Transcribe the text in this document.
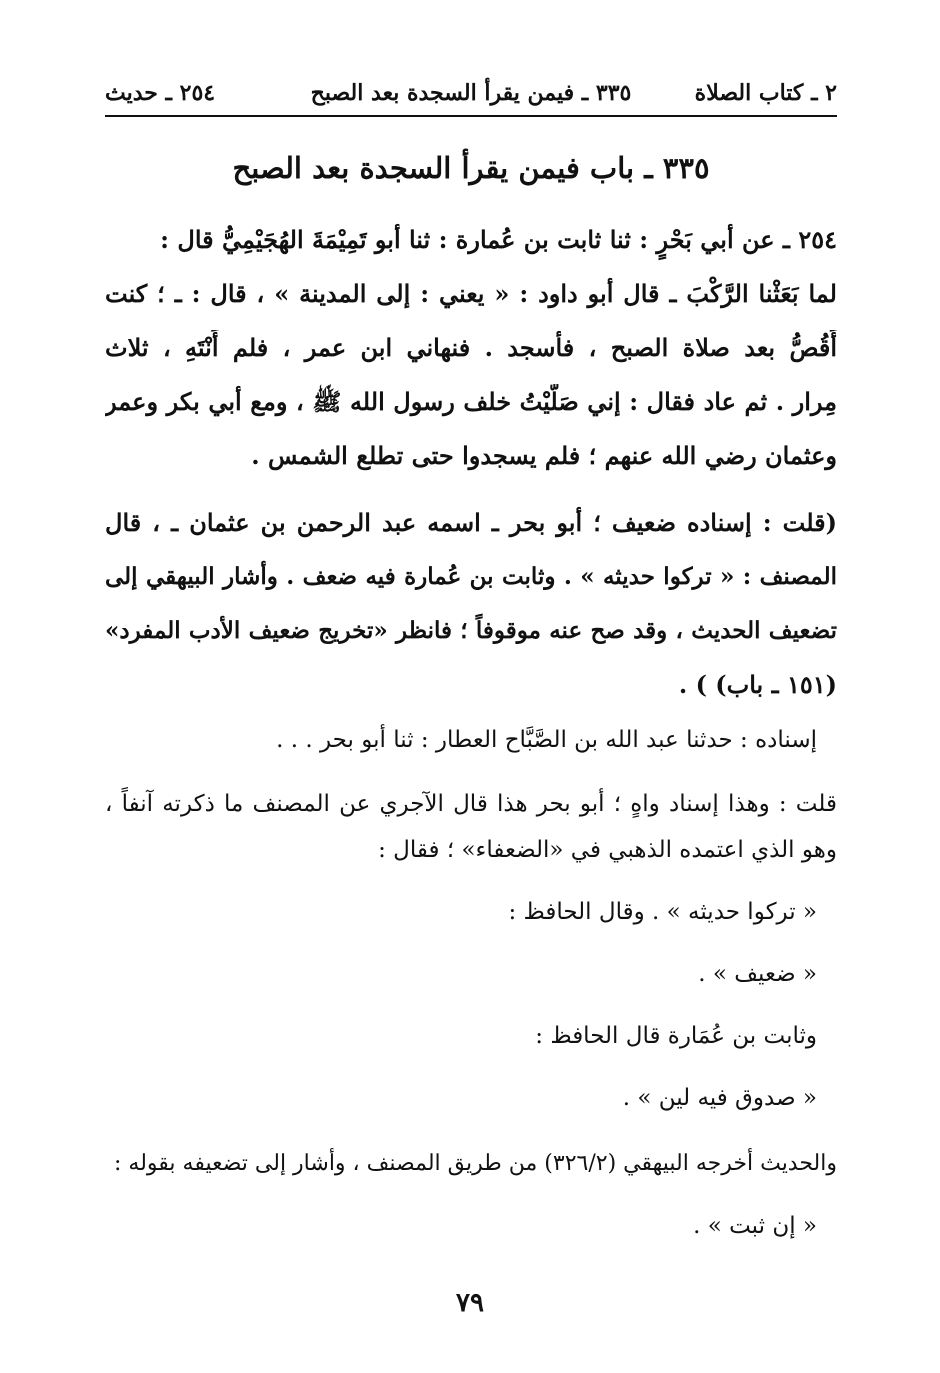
٢ ـ كتاب الصلاة
٣٣٥ ـ فيمن يقرأ السجدة بعد الصبح
٢٥٤ ـ حديث
٣٣٥ ـ باب فيمن يقرأ السجدة بعد الصبح
٢٥٤ ـ عن أبي بَحْرٍ : ثنا ثابت بن عُمارة : ثنا أبو تَمِيْمَةَ الهُجَيْمِيُّ قال :
لما بَعَثْنا الرَّكْبَ ـ قال أبو داود : « يعني : إلى المدينة » ، قال : ـ ؛ كنت
أَقُصُّ بعد صلاة الصبح ، فأسجد . فنهاني ابن عمر ، فلم أَنْتَهِ ، ثلاث
مِرار . ثم عاد فقال : إني صَلَّيْتُ خلف رسول الله ﷺ ، ومع أبي بكر وعمر
وعثمان رضي الله عنهم ؛ فلم يسجدوا حتى تطلع الشمس .
(قلت : إسناده ضعيف ؛ أبو بحر ـ اسمه عبد الرحمن بن عثمان ـ ، قال
المصنف : « تركوا حديثه » . وثابت بن عُمارة فيه ضعف . وأشار البيهقي إلى
تضعيف الحديث ، وقد صح عنه موقوفاً ؛ فانظر «تخريج ضعيف الأدب المفرد»
(١٥١ ـ باب) ) .
إسناده : حدثنا عبد الله بن الصَّبَّاح العطار : ثنا أبو بحر . . .
قلت : وهذا إسناد واهٍ ؛ أبو بحر هذا قال الآجري عن المصنف ما ذكرته آنفاً ،
وهو الذي اعتمده الذهبي في «الضعفاء» ؛ فقال :
« تركوا حديثه » . وقال الحافظ :
« ضعيف » .
وثابت بن عُمَارة قال الحافظ :
« صدوق فيه لين » .
والحديث أخرجه البيهقي (٣٢٦/٢) من طريق المصنف ، وأشار إلى تضعيفه بقوله :
« إن ثبت » .
٧٩
